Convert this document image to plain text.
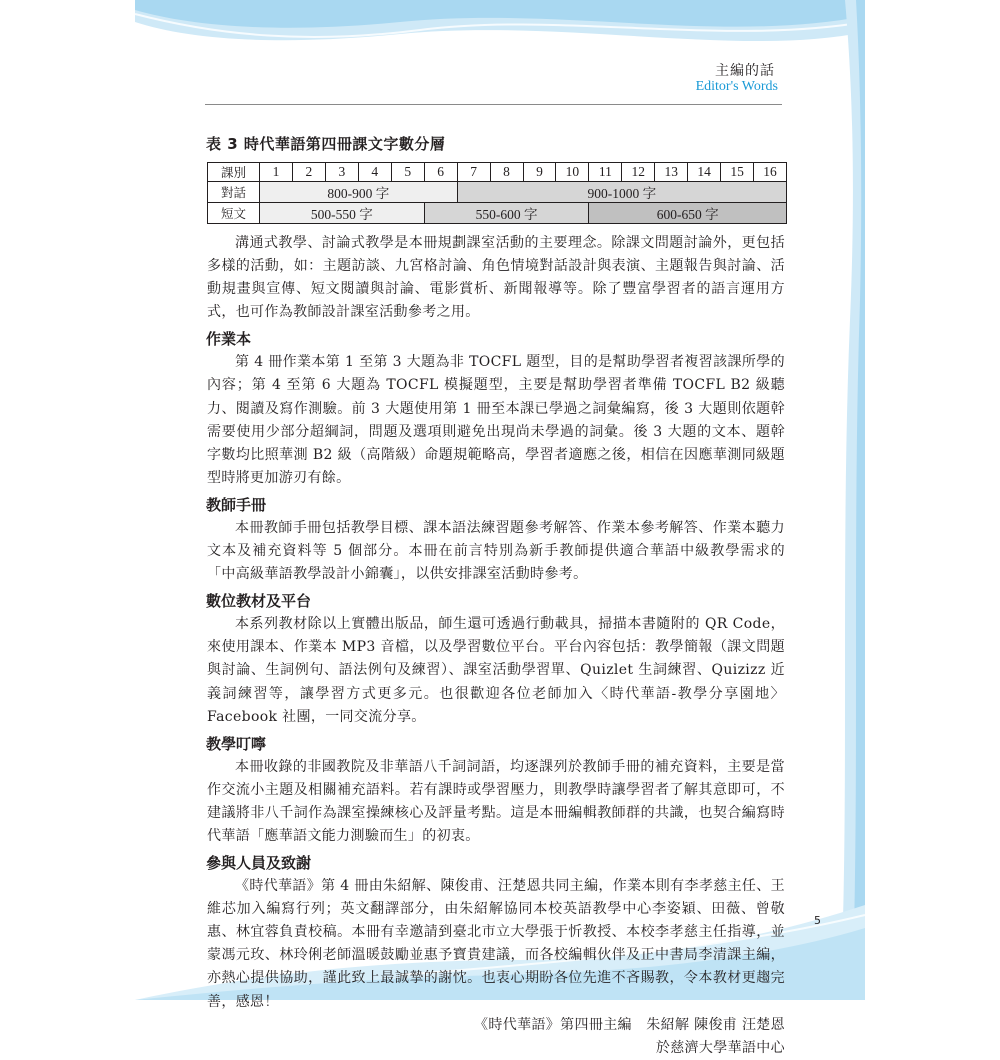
主編的話
Editor's Words
表 3 時代華語第四冊課文字數分層
課別	1	2	3	4	5	6	7	8	9	10	11	12	13	14	15	16
對話	800-900 字						900-1000 字									
短文	500-550 字					550-600 字					600-650 字					

溝通式教學、討論式教學是本冊規劃課室活動的主要理念。除課文問題討論外，更包括多樣的活動，如：主題訪談、九宮格討論、角色情境對話設計與表演、主題報告與討論、活動規畫與宣傳、短文閱讀與討論、電影賞析、新聞報導等。除了豐富學習者的語言運用方式，也可作為教師設計課室活動參考之用。

作業本

第 4 冊作業本第 1 至第 3 大題為非 TOCFL 題型，目的是幫助學習者複習該課所學的內容；第 4 至第 6 大題為 TOCFL 模擬題型，主要是幫助學習者準備 TOCFL B2 級聽力、閱讀及寫作測驗。前 3 大題使用第 1 冊至本課已學過之詞彙編寫，後 3 大題則依題幹需要使用少部分超綱詞，問題及選項則避免出現尚未學過的詞彙。後 3 大題的文本、題幹字數均比照華測 B2 級（高階級）命題規範略高，學習者適應之後，相信在因應華測同級題型時將更加游刃有餘。

教師手冊

本冊教師手冊包括教學目標、課本語法練習題參考解答、作業本參考解答、作業本聽力文本及補充資料等 5 個部分。本冊在前言特別為新手教師提供適合華語中級教學需求的「中高級華語教學設計小錦囊」，以供安排課室活動時參考。

數位教材及平台

本系列教材除以上實體出版品，師生還可透過行動載具，掃描本書隨附的 QR Code，來使用課本、作業本 MP3 音檔，以及學習數位平台。平台內容包括：教學簡報（課文問題與討論、生詞例句、語法例句及練習）、課室活動學習單、Quizlet 生詞練習、Quizizz 近義詞練習等，讓學習方式更多元。也很歡迎各位老師加入〈時代華語-教學分享園地〉Facebook 社團，一同交流分享。

教學叮嚀

本冊收錄的非國教院及非華語八千詞詞語，均逐課列於教師手冊的補充資料，主要是當作交流小主題及相關補充語料。若有課時或學習壓力，則教學時讓學習者了解其意即可，不建議將非八千詞作為課室操練核心及評量考點。這是本冊編輯教師群的共識，也契合編寫時代華語「應華語文能力測驗而生」的初衷。

參與人員及致謝

《時代華語》第 4 冊由朱紹解、陳俊甫、汪楚恩共同主編，作業本則有李孝慈主任、王維芯加入編寫行列；英文翻譯部分，由朱紹解協同本校英語教學中心李姿穎、田薇、曾敬惠、林宜蓉負責校稿。本冊有幸邀請到臺北市立大學張于忻教授、本校李孝慈主任指導，並蒙馮元玫、林玲俐老師溫暖鼓勵並惠予寶貴建議，而各校編輯伙伴及正中書局李清課主編，亦熱心提供協助，謹此致上最誠摯的謝忱。也衷心期盼各位先進不吝賜教，令本教材更趨完善，感恩！

《時代華語》第四冊主編　朱紹解 陳俊甫 汪楚恩

於慈濟大學華語中心

5
